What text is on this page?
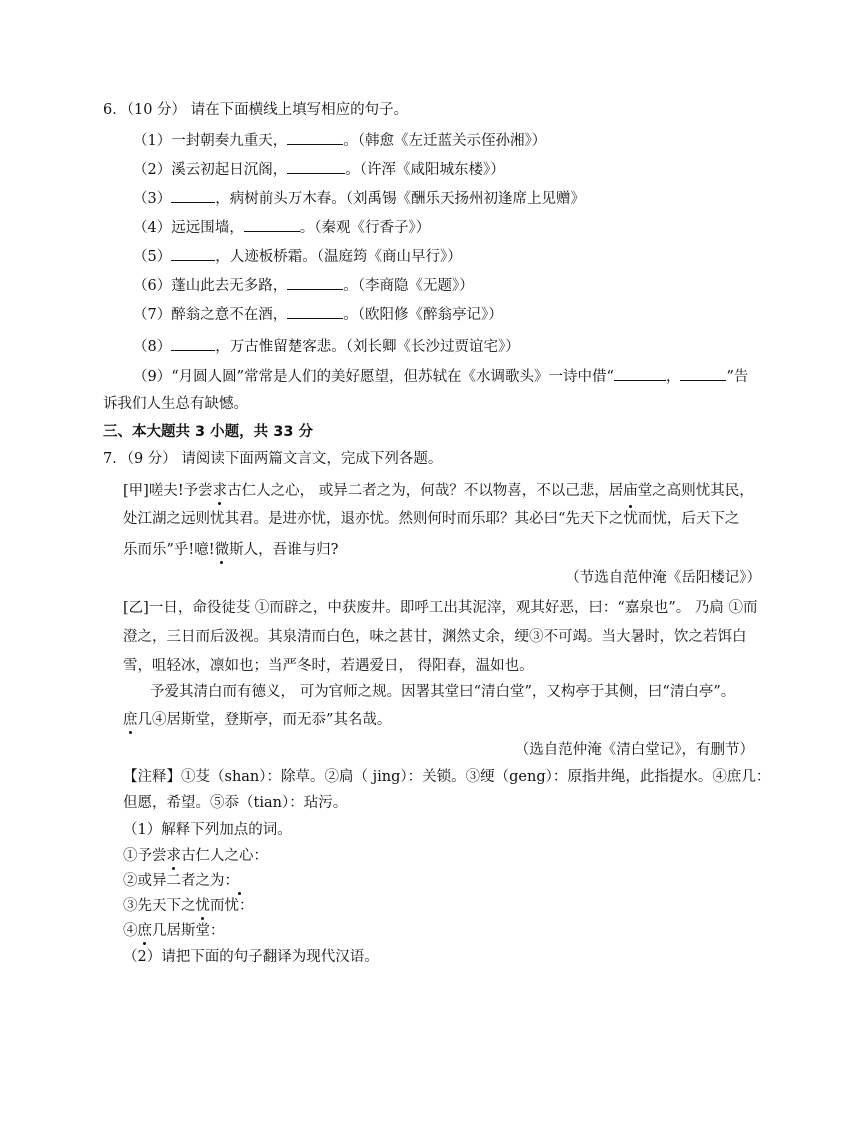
6．（10 分） 请在下面横线上填写相应的句子。
（1）一封朝奏九重天，	。（韩愈《左迁蓝关示侄孙湘》）
（2）溪云初起日沉阁，	。（许浑《咸阳城东楼》）
（3）	，病树前头万木春。（刘禹锡《酬乐天扬州初逢席上见赠》
（4）远远围墙，	。（秦观《行香子》）
（5）	，人迹板桥霜。（温庭筠《商山早行》）
（6）蓬山此去无多路，	。（李商隐《无题》）
（7）醉翁之意不在酒，	。（欧阳修《醉翁亭记》）
（8）	，万古惟留楚客悲。（刘长卿《长沙过贾谊宅》）
（9）“月圆人圆”常常是人们的美好愿望，但苏轼在《水调歌头》一诗中借“	，	”告
诉我们人生总有缺憾。
三、本大题共 3 小题，共 33 分
7．（9 分） 请阅读下面两篇文言文，完成下列各题。
[甲]嗟夫!予尝求古仁人之心， 或异二者之为，何哉？不以物喜，不以己悲，居庙堂之高则忧其民，
处江湖之远则忧其君。是进亦忧，退亦忧。然则何时而乐耶？其必曰“先天下之忧而忧，后天下之
乐而乐”乎!噫!微斯人，吾谁与归?
（节选自范仲淹《岳阳楼记》）
[乙]一日，命役徒芟 ①而辟之，中获废井。即呼工出其泥滓，观其好恶，曰：“嘉泉也”。 乃扃 ①而
澄之，三日而后汲视。其泉清而白色，味之甚甘，渊然丈余，绠③不可竭。当大暑时，饮之若饵白
雪，咀轻冰，凛如也；当严冬时，若遇爱日， 得阳春，温如也。
予爱其清白而有德义， 可为官师之规。因署其堂曰“清白堂”，又构亭于其侧，曰“清白亭”。
庶几④居斯堂，登斯亭，而无忝”其名哉。
（选自范仲淹《清白堂记》，有删节）
【注释】①芟（shan）：除草。②扃（ jing）：关锁。③绠（geng）：原指井绳，此指提水。④庶几：
但愿，希望。⑤忝（tian）：玷污。
（1）解释下列加点的词。
①予尝求古仁人之心：
②或异二者之为：
③先天下之忧而忧：
④庶几居斯堂：
（2）请把下面的句子翻译为现代汉语。
